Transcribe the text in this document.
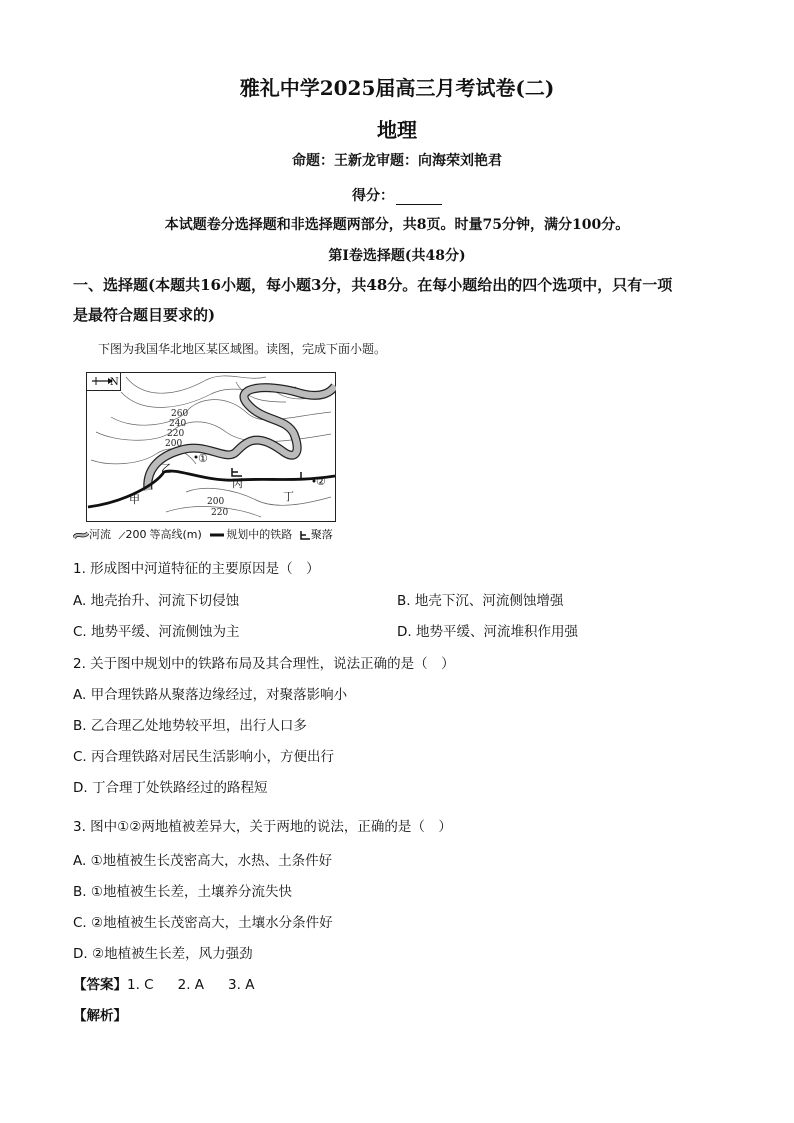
雅礼中学2025届高三月考试卷(二)
地理
命题：王新龙审题：向海荣刘艳君
得分：
本试题卷分选择题和非选择题两部分，共8页。时量75分钟，满分100分。
第Ⅰ卷选择题(共48分)
一、选择题(本题共16小题，每小题3分，共48分。在每小题给出的四个选项中，只有一项
是最符合题目要求的)
下图为我国华北地区某区域图。读图，完成下面小题。
N
260
240
220
200
200
220
甲
乙
丙
丁
①
②
河流 200 等高线(m) 规划中的铁路 聚落
1. 形成图中河道特征的主要原因是（　）
A. 地壳抬升、河流下切侵蚀	B. 地壳下沉、河流侧蚀增强
C. 地势平缓、河流侧蚀为主	D. 地势平缓、河流堆积作用强
2. 关于图中规划中的铁路布局及其合理性，说法正确的是（　）
A. 甲合理铁路从聚落边缘经过，对聚落影响小
B. 乙合理乙处地势较平坦，出行人口多
C. 丙合理铁路对居民生活影响小，方便出行
D. 丁合理丁处铁路经过的路程短
3. 图中①②两地植被差异大，关于两地的说法，正确的是（　）
A. ①地植被生长茂密高大，水热、土条件好
B. ①地植被生长差，土壤养分流失快
C. ②地植被生长茂密高大，土壤水分条件好
D. ②地植被生长差，风力强劲
【答案】1. C 2. A 3. A
【解析】
